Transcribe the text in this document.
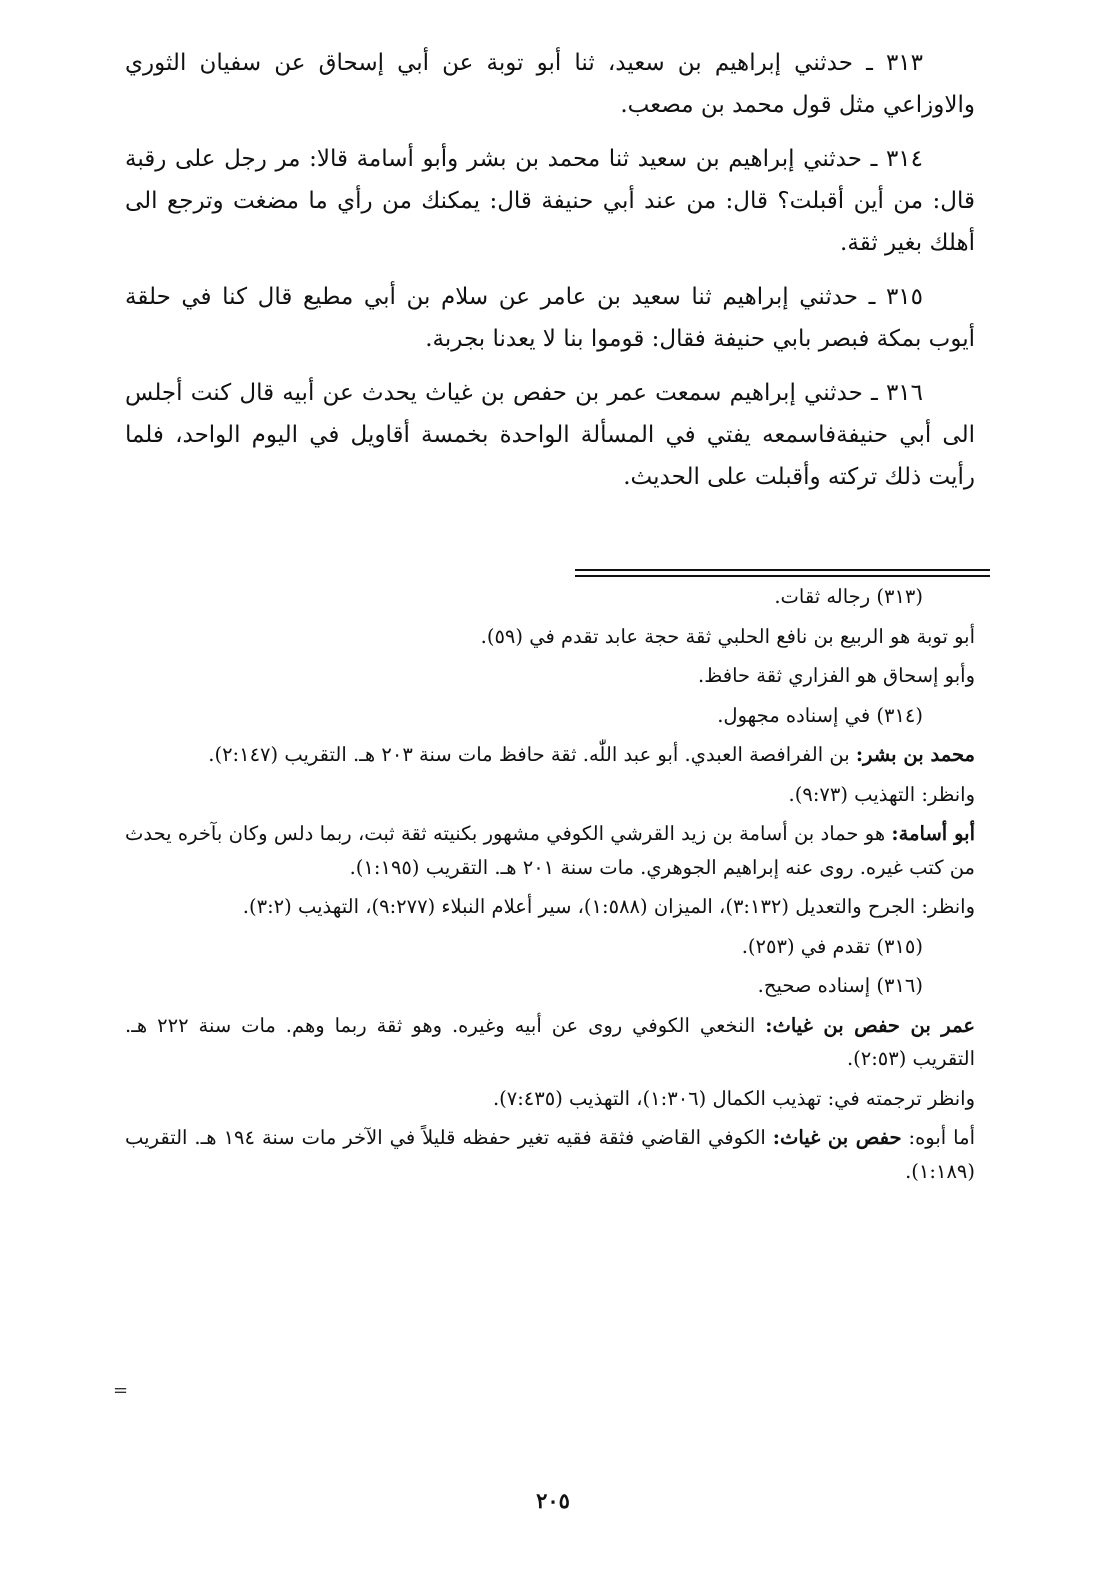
٣١٣ ـ حدثني إبراهيم بن سعيد، ثنا أبو توبة عن أبي إسحاق عن سفيان الثوري والاوزاعي مثل قول محمد بن مصعب.

٣١٤ ـ حدثني إبراهيم بن سعيد ثنا محمد بن بشر وأبو أسامة قالا: مر رجل على رقبة قال: من أين أقبلت؟ قال: من عند أبي حنيفة قال: يمكنك من رأي ما مضغت وترجع الى أهلك بغير ثقة.

٣١٥ ـ حدثني إبراهيم ثنا سعيد بن عامر عن سلام بن أبي مطيع قال كنا في حلقة أيوب بمكة فبصر بابي حنيفة فقال: قوموا بنا لا يعدنا بجربة.

٣١٦ ـ حدثني إبراهيم سمعت عمر بن حفص بن غياث يحدث عن أبيه قال كنت أجلس الى أبي حنيفةفاسمعه يفتي في المسألة الواحدة بخمسة أقاويل في اليوم الواحد، فلما رأيت ذلك تركته وأقبلت على الحديث.

(٣١٣) رجاله ثقات.

أبو توبة هو الربيع بن نافع الحلبي ثقة حجة عابد تقدم في (٥٩).

وأبو إسحاق هو الفزاري ثقة حافظ.

(٣١٤) في إسناده مجهول.

محمد بن بشر: بن الفرافصة العبدي. أبو عبد اللّٰه. ثقة حافظ مات سنة ٢٠٣ هـ. التقريب (٢:١٤٧).

وانظر: التهذيب (٩:٧٣).

أبو أسامة: هو حماد بن أسامة بن زيد القرشي الكوفي مشهور بكنيته ثقة ثبت، ربما دلس وكان بآخره يحدث من كتب غيره. روى عنه إبراهيم الجوهري. مات سنة ٢٠١ هـ. التقريب (١:١٩٥).

وانظر: الجرح والتعديل (٣:١٣٢)، الميزان (١:٥٨٨)، سير أعلام النبلاء (٩:٢٧٧)، التهذيب (٣:٢).

(٣١٥) تقدم في (٢٥٣).

(٣١٦) إسناده صحيح.

عمر بن حفص بن غياث: النخعي الكوفي روى عن أبيه وغيره. وهو ثقة ربما وهم. مات سنة ٢٢٢ هـ. التقريب (٢:٥٣).

وانظر ترجمته في: تهذيب الكمال (١:٣٠٦)، التهذيب (٧:٤٣٥).

أما أبوه: حفص بن غياث: الكوفي القاضي فثقة فقيه تغير حفظه قليلاً في الآخر مات سنة ١٩٤ هـ. التقريب (١:١٨٩).

=
٢٠٥
